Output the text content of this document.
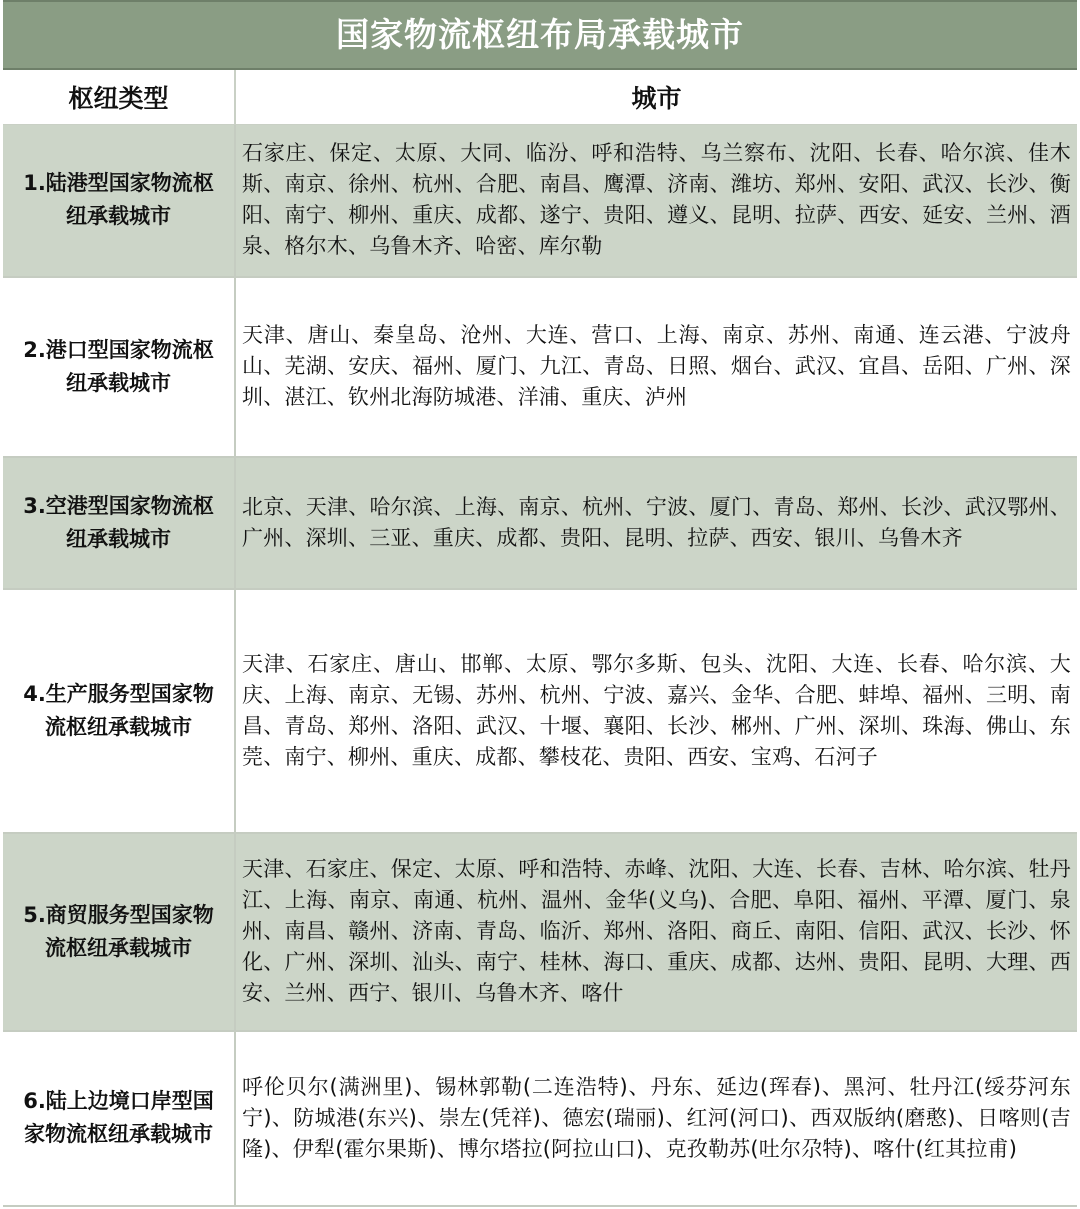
国家物流枢纽布局承载城市
枢纽类型	城市
1.陆港型国家物流枢纽承载城市	石家庄、保定、太原、大同、临汾、呼和浩特、乌兰察布、沈阳、长春、哈尔滨、佳木斯、南京、徐州、杭州、合肥、南昌、鹰潭、济南、潍坊、郑州、安阳、武汉、长沙、衡阳、南宁、柳州、重庆、成都、遂宁、贵阳、遵义、昆明、拉萨、西安、延安、兰州、酒泉、格尔木、乌鲁木齐、哈密、库尔勒
2.港口型国家物流枢纽承载城市	天津、唐山、秦皇岛、沧州、大连、营口、上海、南京、苏州、南通、连云港、宁波舟山、芜湖、安庆、福州、厦门、九江、青岛、日照、烟台、武汉、宜昌、岳阳、广州、深圳、湛江、钦州北海防城港、洋浦、重庆、泸州
3.空港型国家物流枢纽承载城市	北京、天津、哈尔滨、上海、南京、杭州、宁波、厦门、青岛、郑州、长沙、武汉鄂州、广州、深圳、三亚、重庆、成都、贵阳、昆明、拉萨、西安、银川、乌鲁木齐
4.生产服务型国家物流枢纽承载城市	天津、石家庄、唐山、邯郸、太原、鄂尔多斯、包头、沈阳、大连、长春、哈尔滨、大庆、上海、南京、无锡、苏州、杭州、宁波、嘉兴、金华、合肥、蚌埠、福州、三明、南昌、青岛、郑州、洛阳、武汉、十堰、襄阳、长沙、郴州、广州、深圳、珠海、佛山、东莞、南宁、柳州、重庆、成都、攀枝花、贵阳、西安、宝鸡、石河子
5.商贸服务型国家物流枢纽承载城市	天津、石家庄、保定、太原、呼和浩特、赤峰、沈阳、大连、长春、吉林、哈尔滨、牡丹江、上海、南京、南通、杭州、温州、金华(义乌)、合肥、阜阳、福州、平潭、厦门、泉州、南昌、赣州、济南、青岛、临沂、郑州、洛阳、商丘、南阳、信阳、武汉、长沙、怀化、广州、深圳、汕头、南宁、桂林、海口、重庆、成都、达州、贵阳、昆明、大理、西安、兰州、西宁、银川、乌鲁木齐、喀什
6.陆上边境口岸型国家物流枢纽承载城市	呼伦贝尔(满洲里)、锡林郭勒(二连浩特)、丹东、延边(珲春)、黑河、牡丹江(绥芬河东宁)、防城港(东兴)、崇左(凭祥)、德宏(瑞丽)、红河(河口)、西双版纳(磨憨)、日喀则(吉隆)、伊犁(霍尔果斯)、博尔塔拉(阿拉山口)、克孜勒苏(吐尔尕特)、喀什(红其拉甫)
